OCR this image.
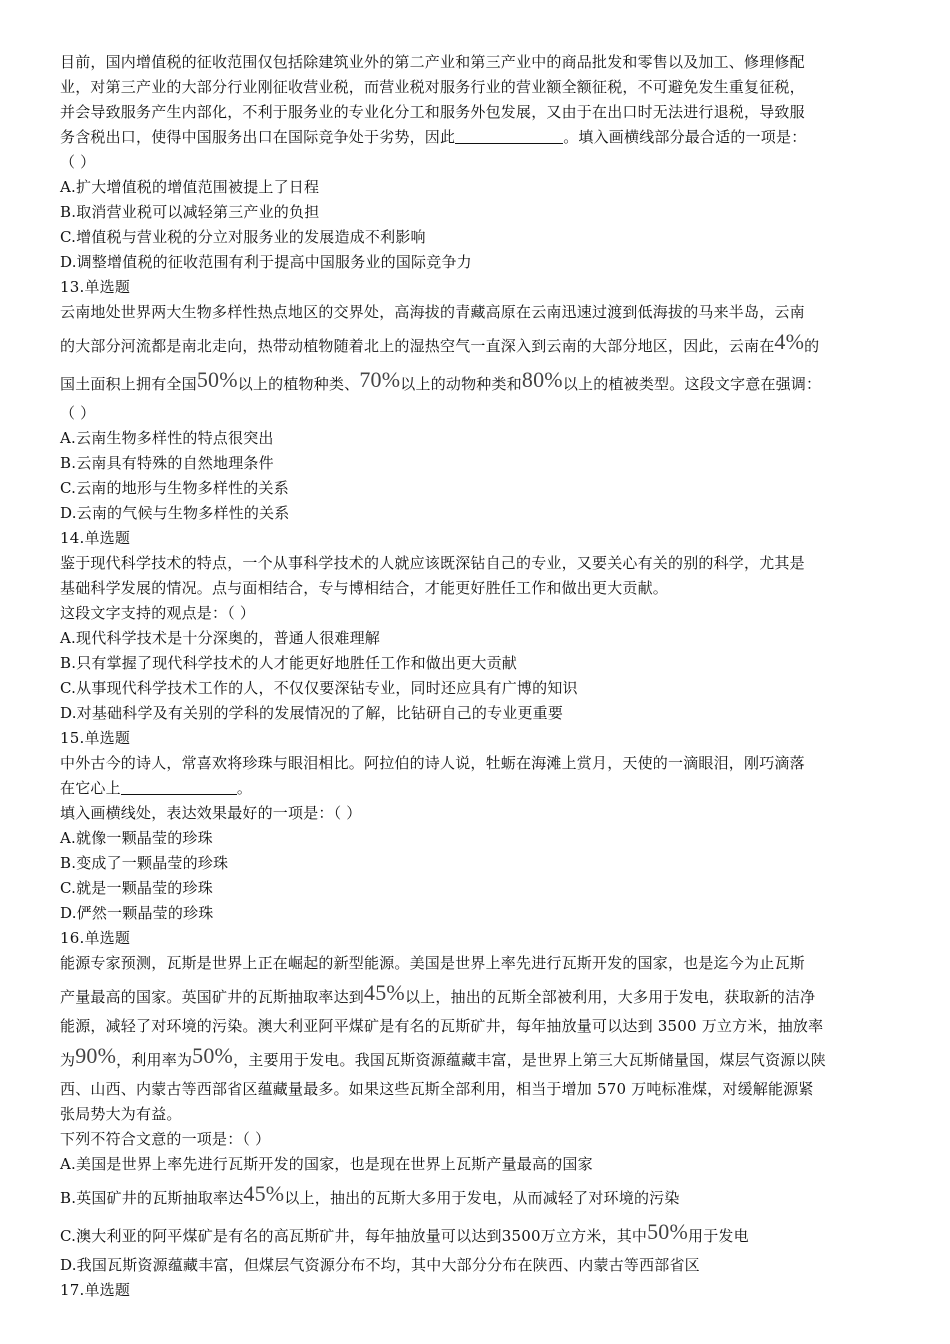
目前，国内增值税的征收范围仅包括除建筑业外的第二产业和第三产业中的商品批发和零售以及加工、修理修配
业，对第三产业的大部分行业刚征收营业税，而营业税对服务行业的营业额全额征税，不可避免发生重复征税，
并会导致服务产生内部化，不利于服务业的专业化分工和服务外包发展，又由于在出口时无法进行退税，导致服
务含税出口，使得中国服务出口在国际竞争处于劣势，因此	。填入画横线部分最合适的一项是：
（ ）
A.扩大增值税的增值范围被提上了日程
B.取消营业税可以减轻第三产业的负担
C.增值税与营业税的分立对服务业的发展造成不利影响
D.调整增值税的征收范围有利于提高中国服务业的国际竞争力
13.单选题
云南地处世界两大生物多样性热点地区的交界处，高海拔的青藏高原在云南迅速过渡到低海拔的马来半岛，云南
的大部分河流都是南北走向，热带动植物随着北上的湿热空气一直深入到云南的大部分地区，因此，云南在4%的
国土面积上拥有全国50%以上的植物种类、70%以上的动物种类和80%以上的植被类型。这段文字意在强调：
（ ）
A.云南生物多样性的特点很突出
B.云南具有特殊的自然地理条件
C.云南的地形与生物多样性的关系
D.云南的气候与生物多样性的关系
14.单选题
鉴于现代科学技术的特点，一个从事科学技术的人就应该既深钻自己的专业，又要关心有关的别的科学，尤其是
基础科学发展的情况。点与面相结合，专与博相结合，才能更好胜任工作和做出更大贡献。
这段文字支持的观点是：（ ）
A.现代科学技术是十分深奥的，普通人很难理解
B.只有掌握了现代科学技术的人才能更好地胜任工作和做出更大贡献
C.从事现代科学技术工作的人，不仅仅要深钻专业，同时还应具有广博的知识
D.对基础科学及有关别的学科的发展情况的了解，比钻研自己的专业更重要
15.单选题
中外古今的诗人，常喜欢将珍珠与眼泪相比。阿拉伯的诗人说，牡蛎在海滩上赏月，天使的一滴眼泪，刚巧滴落
在它心上	。
填入画横线处，表达效果最好的一项是：（ ）
A.就像一颗晶莹的珍珠
B.变成了一颗晶莹的珍珠
C.就是一颗晶莹的珍珠
D.俨然一颗晶莹的珍珠
16.单选题
能源专家预测，瓦斯是世界上正在崛起的新型能源。美国是世界上率先进行瓦斯开发的国家，也是迄今为止瓦斯
产量最高的国家。英国矿井的瓦斯抽取率达到45%以上，抽出的瓦斯全部被利用，大多用于发电，获取新的洁净
能源，减轻了对环境的污染。澳大利亚阿平煤矿是有名的瓦斯矿井，每年抽放量可以达到 3500 万立方米，抽放率
为90%，利用率为50%，主要用于发电。我国瓦斯资源蕴藏丰富，是世界上第三大瓦斯储量国，煤层气资源以陕
西、山西、内蒙古等西部省区蕴藏量最多。如果这些瓦斯全部利用，相当于增加 570 万吨标准煤，对缓解能源紧
张局势大为有益。
下列不符合文意的一项是：（ ）
A.美国是世界上率先进行瓦斯开发的国家，也是现在世界上瓦斯产量最高的国家
B.英国矿井的瓦斯抽取率达45%以上，抽出的瓦斯大多用于发电，从而减轻了对环境的污染
C.澳大利亚的阿平煤矿是有名的高瓦斯矿井，每年抽放量可以达到3500万立方米，其中50%用于发电
D.我国瓦斯资源蕴藏丰富，但煤层气资源分布不均，其中大部分分布在陕西、内蒙古等西部省区
17.单选题
